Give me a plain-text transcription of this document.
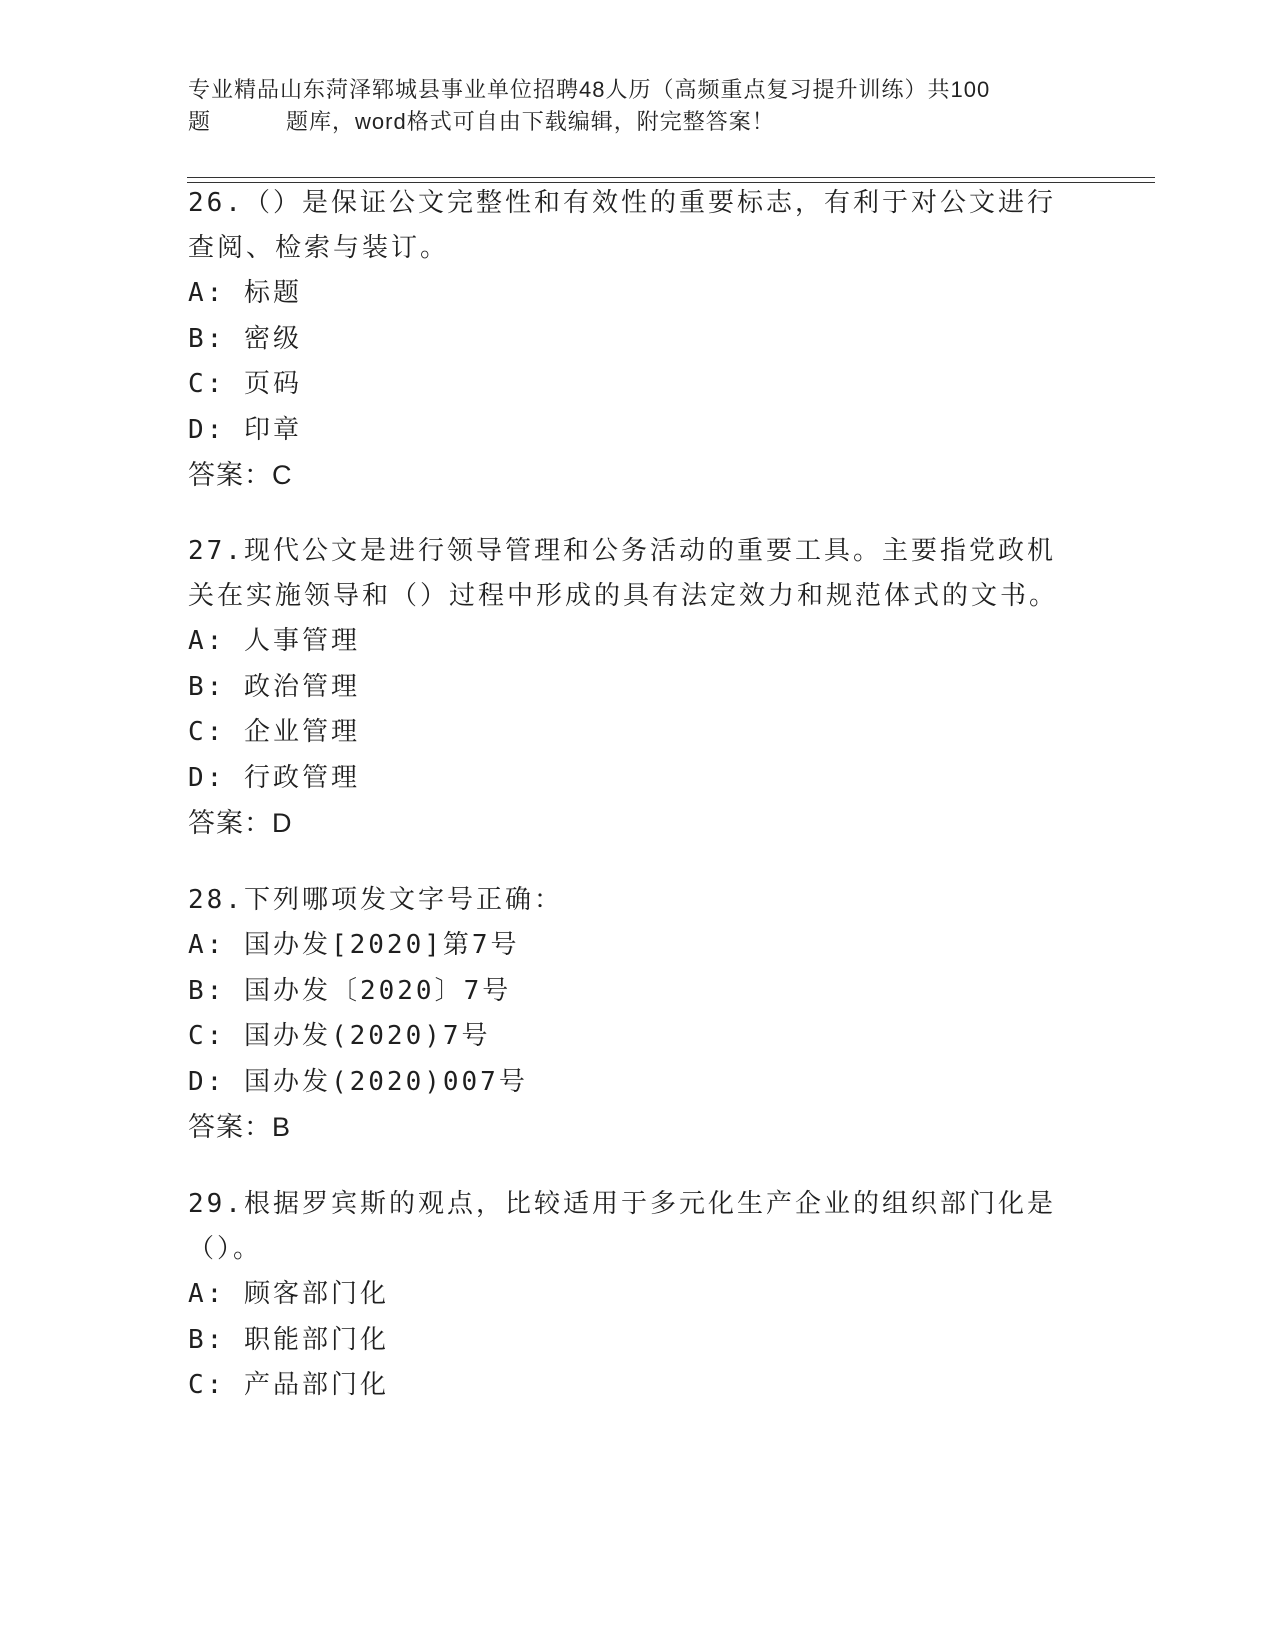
专业精品山东菏泽郓城县事业单位招聘48人历（高频重点复习提升训练）共100
题	题库，word格式可自由下载编辑，附完整答案！
26.（）是保证公文完整性和有效性的重要标志，有利于对公文进行查阅、检索与装订。
A: 标题
B: 密级
C: 页码
D: 印章
答案：C
27.现代公文是进行领导管理和公务活动的重要工具。主要指党政机关在实施领导和（）过程中形成的具有法定效力和规范体式的文书。
A: 人事管理
B: 政治管理
C: 企业管理
D: 行政管理
答案：D
28.下列哪项发文字号正确：
A: 国办发[2020]第7号
B: 国办发〔2020〕7号
C: 国办发(2020)7号
D: 国办发(2020)007号
答案：B
29.根据罗宾斯的观点，比较适用于多元化生产企业的组织部门化是（）。
A: 顾客部门化
B: 职能部门化
C: 产品部门化
